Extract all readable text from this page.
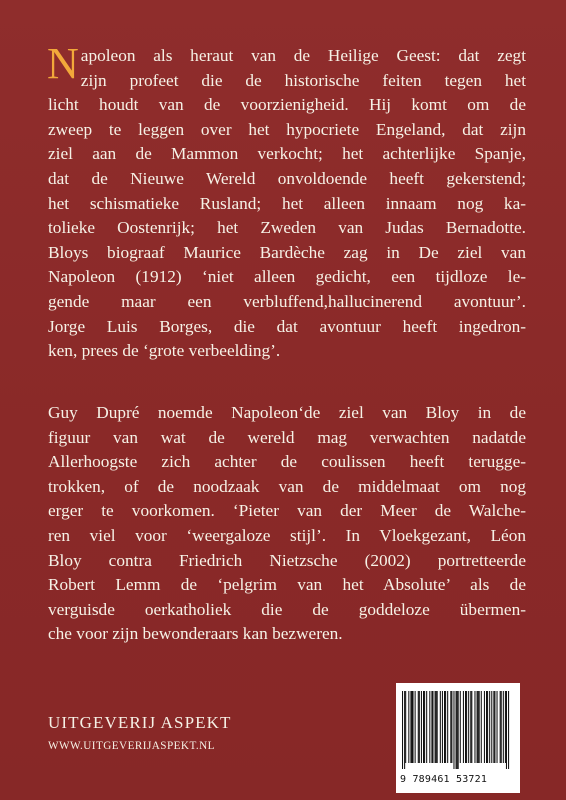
N apoleon als heraut van de Heilige Geest: dat zegt
zijn profeet die de historische feiten tegen het
licht houdt van de voorzienigheid. Hij komt om de
zweep te leggen over het hypocriete Engeland, dat zijn
ziel aan de Mammon verkocht; het achterlijke Spanje,
dat de Nieuwe Wereld onvoldoende heeft gekerstend;
het schismatieke Rusland; het alleen innaam nog ka-
tolieke Oostenrijk; het Zweden van Judas Bernadotte.
Bloys biograaf Maurice Bardèche zag in De ziel van
Napoleon (1912) ‘niet alleen gedicht, een tijdloze le-
gende maar een verbluffend,hallucinerend avontuur’.
Jorge Luis Borges, die dat avontuur heeft ingedron-
ken, prees de ‘grote verbeelding’.
Guy Dupré noemde Napoleon‘de ziel van Bloy in de
figuur van wat de wereld mag verwachten nadatde
Allerhoogste zich achter de coulissen heeft terugge-
trokken, of de noodzaak van de middelmaat om nog
erger te voorkomen. ‘Pieter van der Meer de Walche-
ren viel voor ‘weergaloze stijl’. In Vloekgezant, Léon
Bloy contra Friedrich Nietzsche (2002) portretteerde
Robert Lemm de ‘pelgrim van het Absolute’ als de
verguisde oerkatholiek die de goddeloze übermen-
che voor zijn bewonderaars kan bezweren.
UITGEVERIJ ASPEKT
WWW.UITGEVERIJASPEKT.NL
9 789461 53721
